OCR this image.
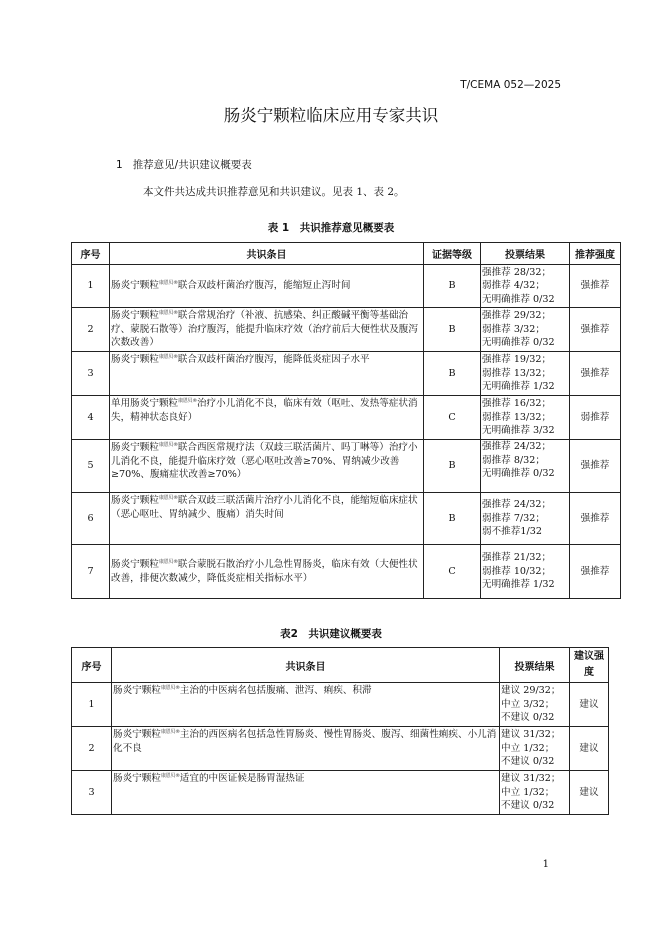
T/CEMA 052—2025
肠炎宁颗粒临床应用专家共识
1 推荐意见/共识建议概要表
本文件共达成共识推荐意见和共识建议。见表 1、表 2。
表 1　共识推荐意见概要表
序号	共识条目	证据等级	投票结果	推荐强度
1	肠炎宁颗粒$^{康恩贝®}$联合双歧杆菌治疗腹泻，能缩短止泻时间	B	强推荐 28/32；
弱推荐 4/32；
无明确推荐 0/32	强推荐
2	肠炎宁颗粒$^{康恩贝®}$联合常规治疗（补液、抗感染、纠正酸碱平衡等基础治疗、蒙脱石散等）治疗腹泻，能提升临床疗效（治疗前后大便性状及腹泻次数改善）	B	强推荐 29/32；
弱推荐 3/32；
无明确推荐 0/32	强推荐
3	肠炎宁颗粒$^{康恩贝®}$联合双歧杆菌治疗腹泻，能降低炎症因子水平	B	强推荐 19/32；
弱推荐 13/32；
无明确推荐 1/32	强推荐
4	单用肠炎宁颗粒$^{康恩贝®}$治疗小儿消化不良，临床有效（呕吐、发热等症状消失，精神状态良好）	C	强推荐 16/32；
弱推荐 13/32；
无明确推荐 3/32	弱推荐
5	肠炎宁颗粒$^{康恩贝®}$联合西医常规疗法（双歧三联活菌片、吗丁啉等）治疗小儿消化不良，能提升临床疗效（恶心呕吐改善≥70%、胃纳减少改善≥70%、腹痛症状改善≥70%）	B	强推荐 24/32；
弱推荐 8/32；
无明确推荐 0/32	强推荐
6	肠炎宁颗粒$^{康恩贝®}$联合双歧三联活菌片治疗小儿消化不良，能缩短临床症状（恶心呕吐、胃纳减少、腹痛）消失时间	B	强推荐 24/32；
弱推荐 7/32；
弱不推荐1/32	强推荐
7	肠炎宁颗粒$^{康恩贝®}$联合蒙脱石散治疗小儿急性胃肠炎，临床有效（大便性状改善，排便次数减少，降低炎症相关指标水平）	C	强推荐 21/32；
弱推荐 10/32；
无明确推荐 1/32	强推荐
表2　共识建议概要表
序号	共识条目	投票结果	建议强度
1	肠炎宁颗粒$^{康恩贝®}$主治的中医病名包括腹痛、泄泻、痢疾、积滞	建议 29/32；
中立 3/32；
不建议 0/32	建议
2	肠炎宁颗粒$^{康恩贝®}$主治的西医病名包括急性胃肠炎、慢性胃肠炎、腹泻、细菌性痢疾、小儿消化不良	建议 31/32；
中立 1/32；
不建议 0/32	建议
3	肠炎宁颗粒$^{康恩贝®}$适宜的中医证候是肠胃湿热证	建议 31/32；
中立 1/32；
不建议 0/32	建议
1
